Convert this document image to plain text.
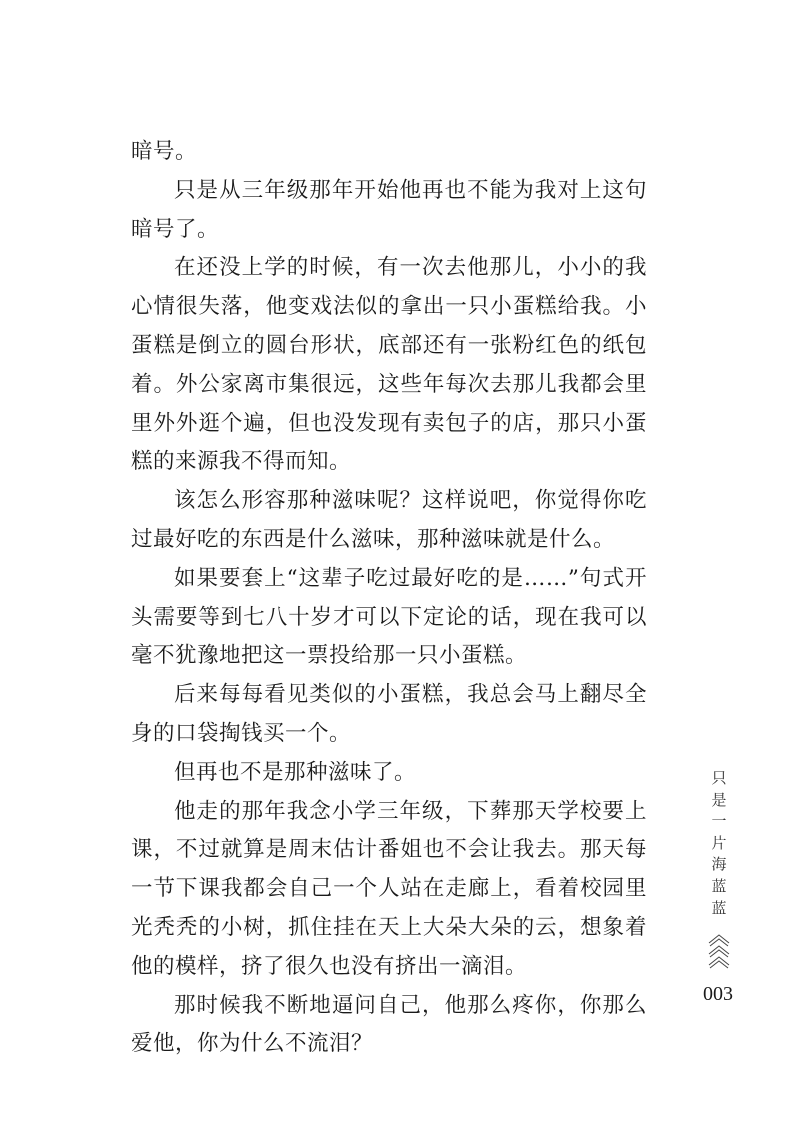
暗号。

只是从三年级那年开始他再也不能为我对上这句暗号了。

在还没上学的时候，有一次去他那儿，小小的我心情很失落，他变戏法似的拿出一只小蛋糕给我。小蛋糕是倒立的圆台形状，底部还有一张粉红色的纸包着。外公家离市集很远，这些年每次去那儿我都会里里外外逛个遍，但也没发现有卖包子的店，那只小蛋糕的来源我不得而知。

该怎么形容那种滋味呢？这样说吧，你觉得你吃过最好吃的东西是什么滋味，那种滋味就是什么。

如果要套上“这辈子吃过最好吃的是……”句式开头需要等到七八十岁才可以下定论的话，现在我可以毫不犹豫地把这一票投给那一只小蛋糕。

后来每每看见类似的小蛋糕，我总会马上翻尽全身的口袋掏钱买一个。

但再也不是那种滋味了。

他走的那年我念小学三年级，下葬那天学校要上课，不过就算是周末估计番姐也不会让我去。那天每一节下课我都会自己一个人站在走廊上，看着校园里光秃秃的小树，抓住挂在天上大朵大朵的云，想象着他的模样，挤了很久也没有挤出一滴泪。

那时候我不断地逼问自己，他那么疼你，你那么爱他，你为什么不流泪？

只
是
一
片
海
蓝
蓝
003
